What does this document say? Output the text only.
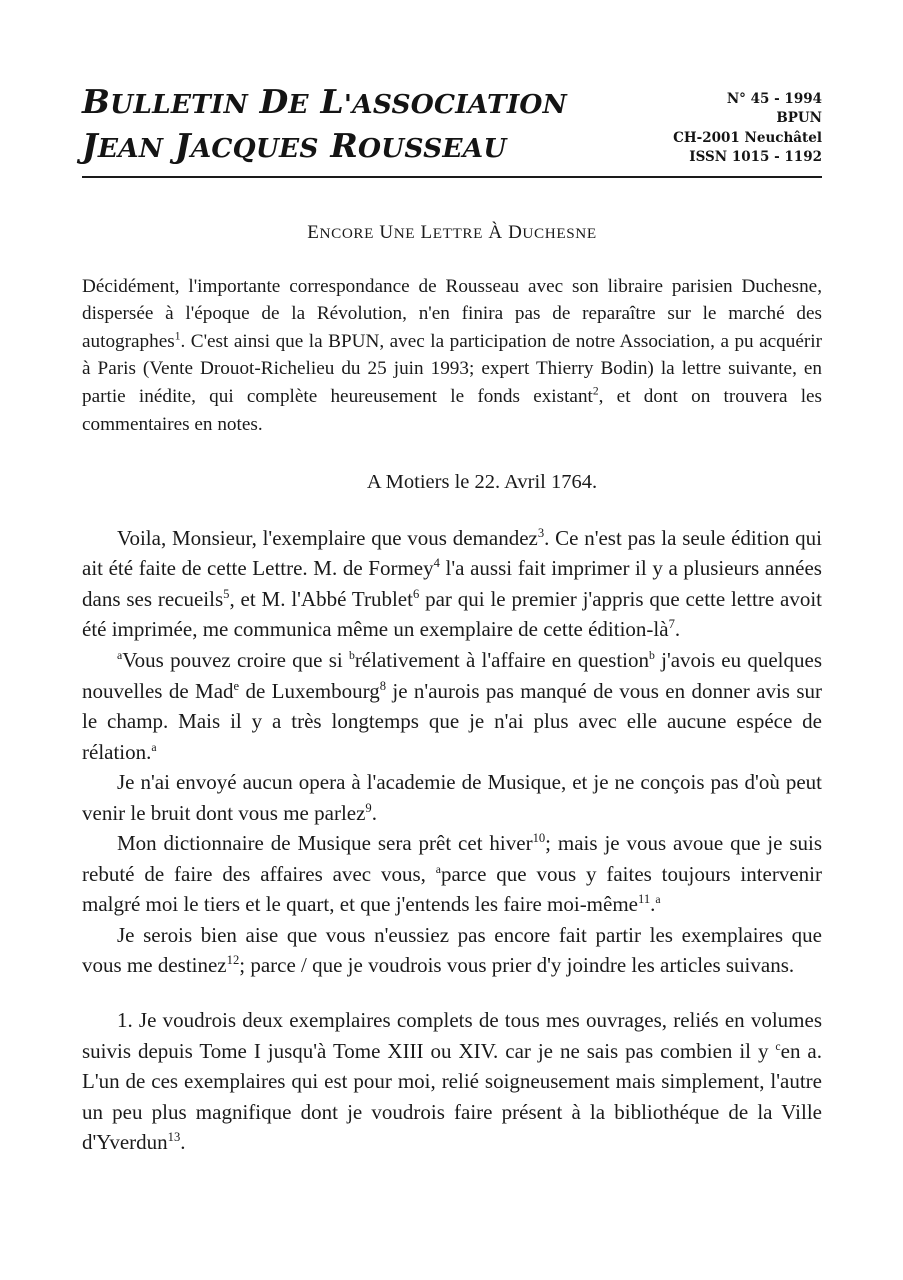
BULLETIN DE L'ASSOCIATION
JEAN JACQUES ROUSSEAU
N° 45 - 1994
BPUN
CH-2001 Neuchâtel
ISSN 1015 - 1192
ENCORE UNE LETTRE À DUCHESNE

Décidément, l'importante correspondance de Rousseau avec son libraire parisien Duchesne, dispersée à l'époque de la Révolution, n'en finira pas de reparaître sur le marché des autographes$^1$. C'est ainsi que la BPUN, avec la participation de notre Association, a pu acquérir à Paris (Vente Drouot-Richelieu du 25 juin 1993; expert Thierry Bodin) la lettre suivante, en partie inédite, qui complète heureusement le fonds existant$^2$, et dont on trouvera les commentaires en notes.

A Motiers le 22. Avril 1764.

Voila, Monsieur, l'exemplaire que vous demandez$^3$. Ce n'est pas la seule édition qui ait été faite de cette Lettre. M. de Formey$^4$ l'a aussi fait imprimer il y a plusieurs années dans ses recueils$^5$, et M. l'Abbé Trublet$^6$ par qui le premier j'appris que cette lettre avoit été imprimée, me communica même un exemplaire de cette édition-$là^7$.

$^a$Vous pouvez croire que si $^b$rélativement à l'affaire en question$^b$ j'avois eu quelques nouvelles de Mad$^e$ de Luxembourg$^8$ je n'aurois pas manqué de vous en donner avis sur le champ. Mais il y a très longtemps que je n'ai plus avec elle aucune espéce de rélation.$^a$

Je n'ai envoyé aucun opera à l'academie de Musique, et je ne conçois pas d'où peut venir le bruit dont vous me parlez$^9$.

Mon dictionnaire de Musique sera prêt cet hiver$^{10}$; mais je vous avoue que je suis rebuté de faire des affaires avec vous, $^a$parce que vous y faites toujours intervenir malgré moi le tiers et le quart, et que j'entends les faire moi-même$^{11}$.$^a$

Je serois bien aise que vous n'eussiez pas encore fait partir les exemplaires que vous me destinez$^{12}$; parce / que je voudrois vous prier d'y joindre les articles suivans.

1. Je voudrois deux exemplaires complets de tous mes ouvrages, reliés en volumes suivis depuis Tome I jusqu'à Tome XIII ou XIV. car je ne sais pas combien il y $^c$en a. L'un de ces exemplaires qui est pour moi, relié soigneusement mais simplement, l'autre un peu plus magnifique dont je voudrois faire présent à la bibliothéque de la Ville d'Yverdun$^{13}$.
